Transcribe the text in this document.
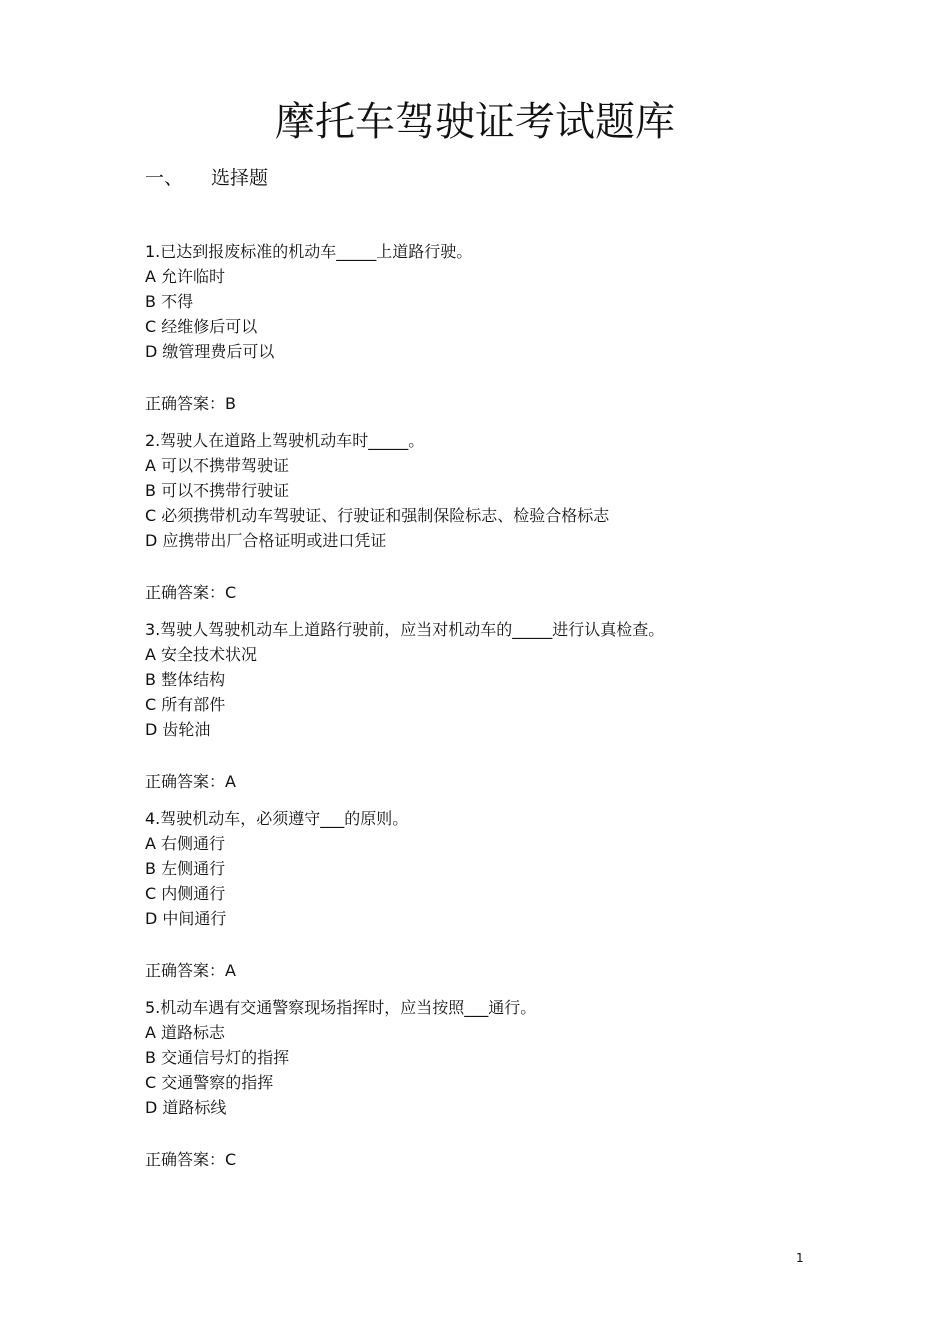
摩托车驾驶证考试题库
一、 选择题
1.已达到报废标准的机动车_____上道路行驶。
A 允许临时
B 不得
C 经维修后可以
D 缴管理费后可以
正确答案：B
2.驾驶人在道路上驾驶机动车时_____。
A 可以不携带驾驶证
B 可以不携带行驶证
C 必须携带机动车驾驶证、行驶证和强制保险标志、检验合格标志
D 应携带出厂合格证明或进口凭证
正确答案：C
3.驾驶人驾驶机动车上道路行驶前，应当对机动车的_____进行认真检查。
A 安全技术状况
B 整体结构
C 所有部件
D 齿轮油
正确答案：A
4.驾驶机动车，必须遵守___的原则。
A 右侧通行
B 左侧通行
C 内侧通行
D 中间通行
正确答案：A
5.机动车遇有交通警察现场指挥时，应当按照___通行。
A 道路标志
B 交通信号灯的指挥
C 交通警察的指挥
D 道路标线
正确答案：C
1
